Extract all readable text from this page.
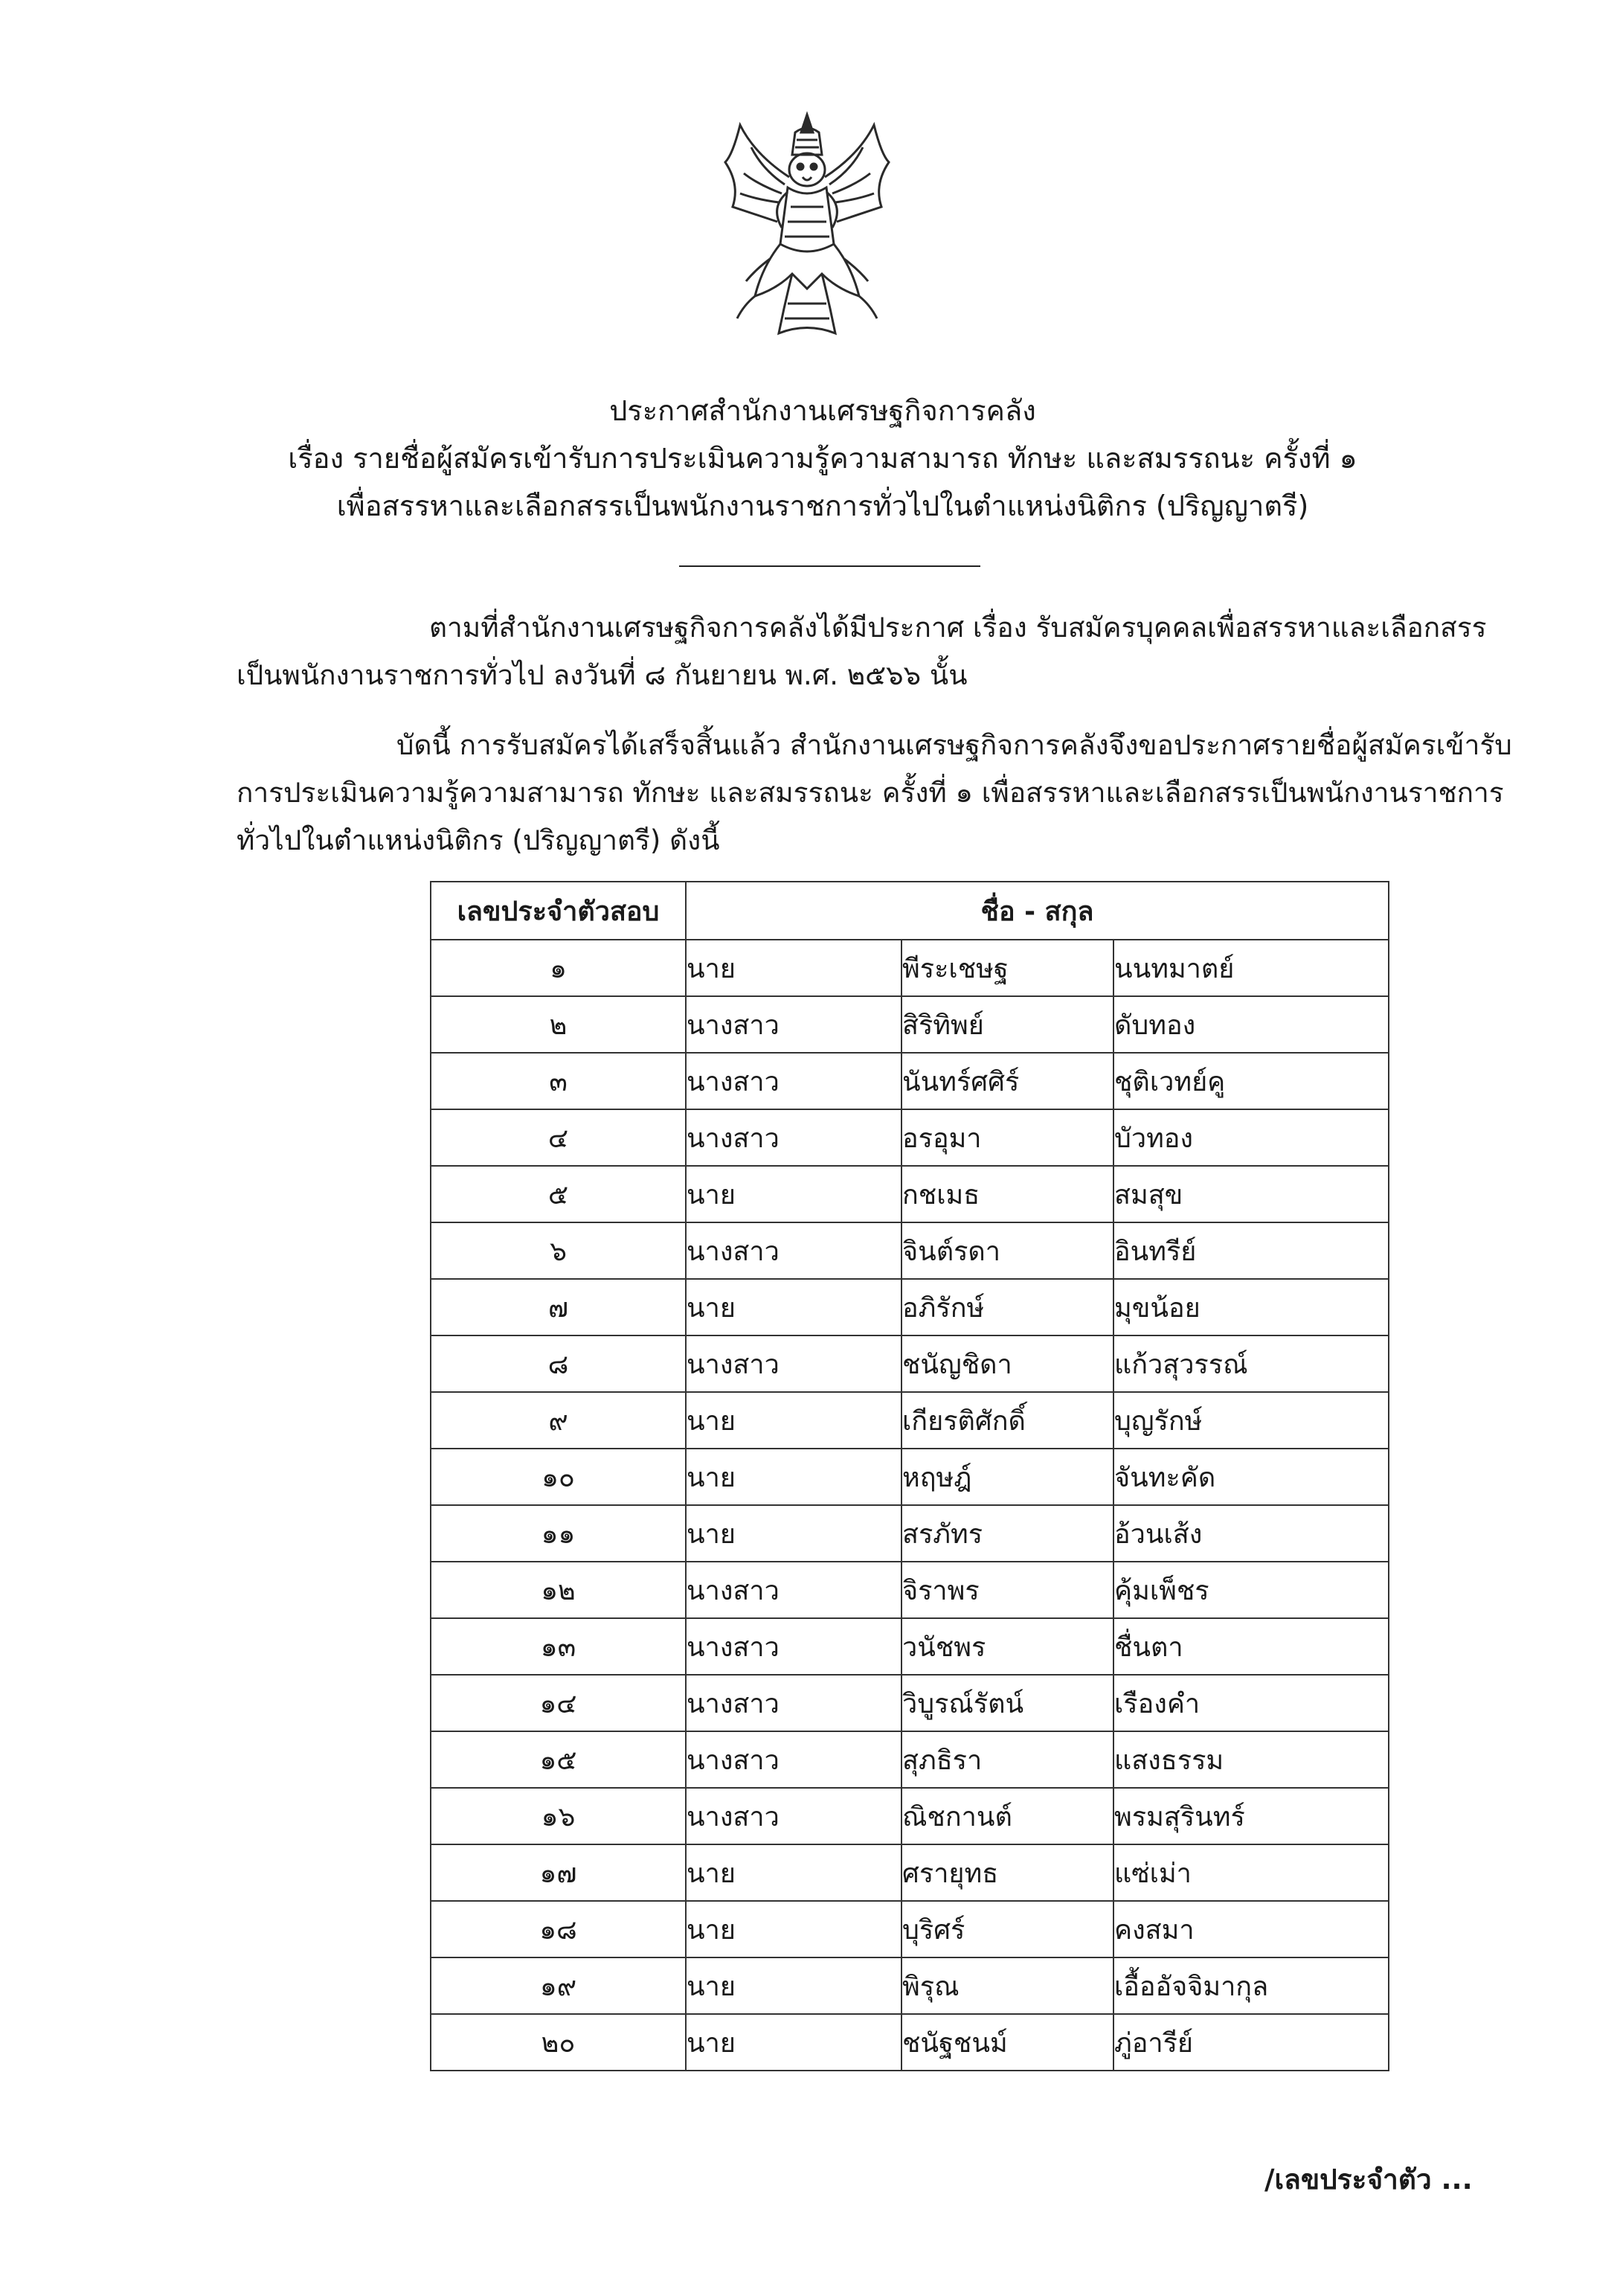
ประกาศสำนักงานเศรษฐกิจการคลัง
เรื่อง รายชื่อผู้สมัครเข้ารับการประเมินความรู้ความสามารถ ทักษะ และสมรรถนะ ครั้งที่ ๑
เพื่อสรรหาและเลือกสรรเป็นพนักงานราชการทั่วไปในตำแหน่งนิติกร (ปริญญาตรี)
ตามที่สำนักงานเศรษฐกิจการคลังได้มีประกาศ เรื่อง รับสมัครบุคคลเพื่อสรรหาและเลือกสรร
เป็นพนักงานราชการทั่วไป ลงวันที่ ๘ กันยายน พ.ศ. ๒๕๖๖ นั้น
บัดนี้ การรับสมัครได้เสร็จสิ้นแล้ว สำนักงานเศรษฐกิจการคลังจึงขอประกาศรายชื่อผู้สมัครเข้ารับ
การประเมินความรู้ความสามารถ ทักษะ และสมรรถนะ ครั้งที่ ๑ เพื่อสรรหาและเลือกสรรเป็นพนักงานราชการ
ทั่วไปในตำแหน่งนิติกร (ปริญญาตรี) ดังนี้
เลขประจำตัวสอบ	ชื่อ - สกุล		
๑	นาย	พีระเชษฐ	นนทมาตย์
๒	นางสาว	สิริทิพย์	ดับทอง
๓	นางสาว	นันทร์ศศิร์	ชุติเวทย์คู
๔	นางสาว	อรอุมา	บัวทอง
๕	นาย	กชเมธ	สมสุข
๖	นางสาว	จินต์รดา	อินทรีย์
๗	นาย	อภิรักษ์	มุขน้อย
๘	นางสาว	ชนัญชิดา	แก้วสุวรรณ์
๙	นาย	เกียรติศักดิ์	บุญรักษ์
๑๐	นาย	หฤษฎ์	จันทะคัด
๑๑	นาย	สรภัทร	อ้วนเส้ง
๑๒	นางสาว	จิราพร	คุ้มเพ็ชร
๑๓	นางสาว	วนัชพร	ชื่นตา
๑๔	นางสาว	วิบูรณ์รัตน์	เรืองคำ
๑๕	นางสาว	สุภธิรา	แสงธรรม
๑๖	นางสาว	ณิชกานต์	พรมสุรินทร์
๑๗	นาย	ศรายุทธ	แซ่เม่า
๑๘	นาย	บุริศร์	คงสมา
๑๙	นาย	พิรุณ	เอื้ออัจจิมากุล
๒๐	นาย	ชนัฐชนม์	ภู่อารีย์
/เลขประจำตัว ...
